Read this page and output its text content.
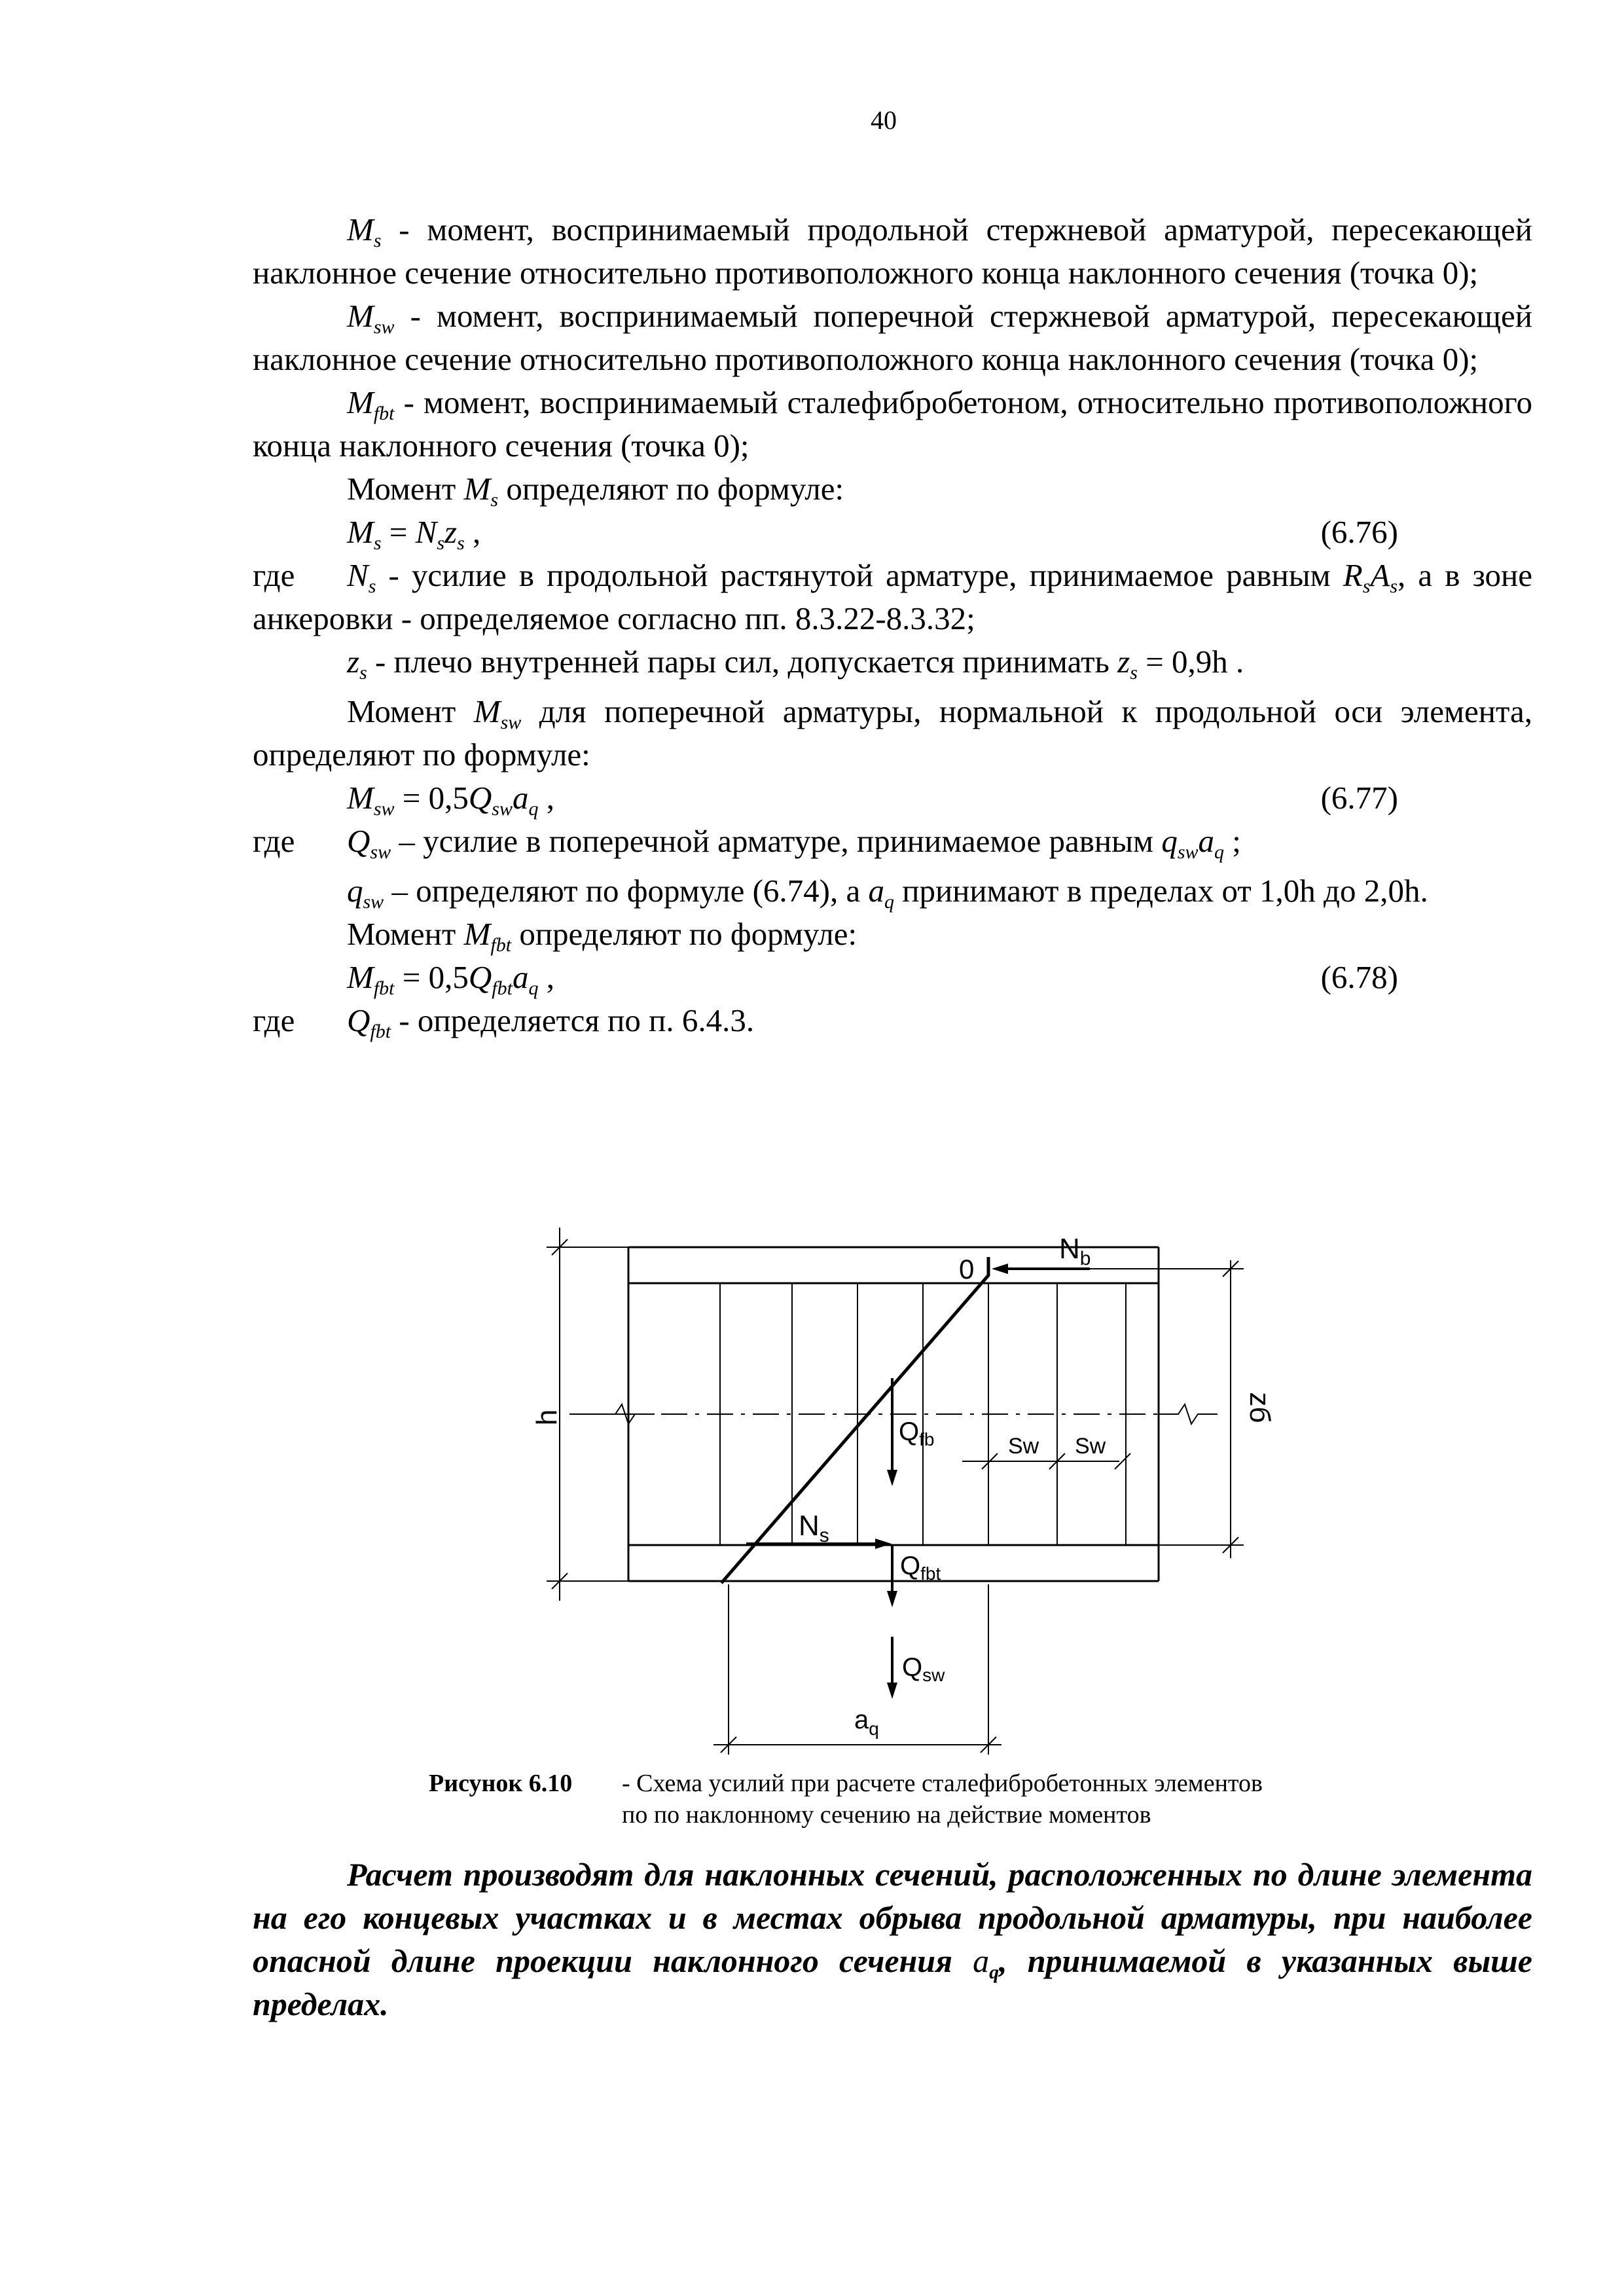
40

$M_s$ - момент, воспринимаемый продольной стержневой арматурой, пересекающей наклонное сечение относительно противоположного конца наклонного сечения (точка 0);

$M_{sw}$ - момент, воспринимаемый поперечной стержневой арматурой, пересекающей наклонное сечение относительно противоположного конца наклонного сечения (точка 0);

$M_{fbt}$ - момент, воспринимаемый сталефибробетоном, относительно противоположного конца наклонного сечения (точка 0);

Момент $M_s$ определяют по формуле:

$M_s = N_sz_s$ ,	(6.76)

где $N_s$ - усилие в продольной растянутой арматуре, принимаемое равным $R_sA_s$, а в зоне анкеровки - определяемое согласно пп. 8.3.22-8.3.32;

$z_s$ - плечо внутренней пары сил, допускается принимать $z_s = 0,9h$ .

Момент $M_{sw}$ для поперечной арматуры, нормальной к продольной оси элемента, определяют по формуле:

$M_{sw} = 0,5Q_{sw}a_q$ ,	(6.77)

где $Q_{sw}$ – усилие в поперечной арматуре, принимаемое равным $q_{sw}a_q$ ;

$q_{sw}$ – определяют по формуле (6.74), а $a_q$ принимают в пределах от 1,0h до 2,0h.

Момент $M_{fbt}$ определяют по формуле:

$M_{fbt} = 0,5Q_{fbt}a_q$ ,	(6.78)

где $Q_{fbt}$ - определяется по п. 6.4.3.

h	zб
0
$N_b$
$Q_{fb}$	Sw Sw
$N_s$
$Q_{fbt}$
$Q_{sw}$
$a_q$
Рисунок 6.10 - Схема усилий при расчете сталефибробетонных элементов
по по наклонному сечению на действие моментов

Расчет производят для наклонных сечений, расположенных по длине элемента на его концевых участках и в местах обрыва продольной арматуры, при наиболее опасной длине проекции наклонного сечения $a_q$, принимаемой в указанных выше пределах.
